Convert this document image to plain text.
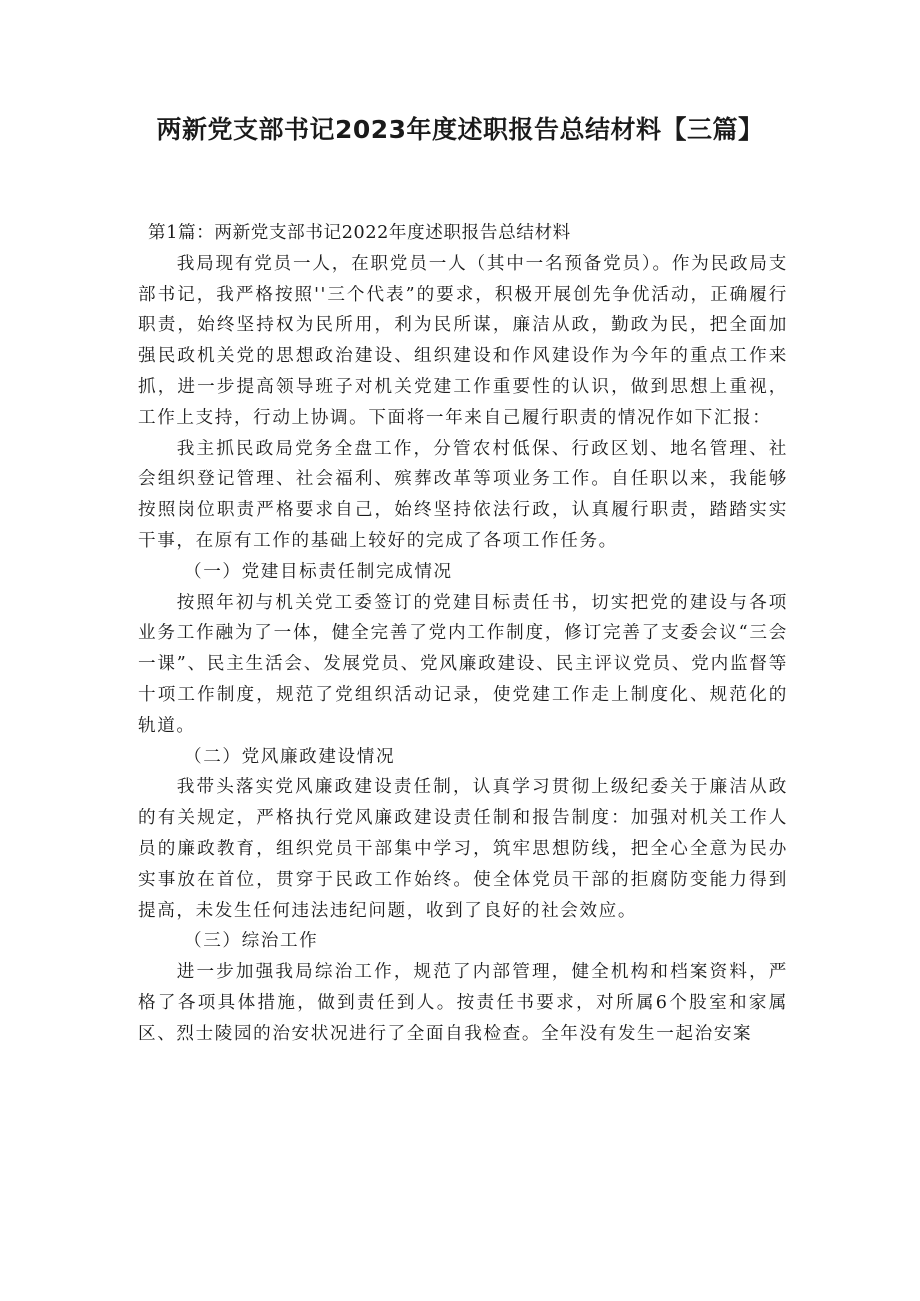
两新党支部书记2023年度述职报告总结材料【三篇】

第1篇：两新党支部书记2022年度述职报告总结材料

我局现有党员一人，在职党员一人（其中一名预备党员）。作为民政局支部书记，我严格按照''三个代表”的要求，积极开展创先争优活动，正确履行职责，始终坚持权为民所用，利为民所谋，廉洁从政，勤政为民，把全面加强民政机关党的思想政治建设、组织建设和作风建设作为今年的重点工作来抓，进一步提高领导班子对机关党建工作重要性的认识，做到思想上重视，工作上支持，行动上协调。下面将一年来自己履行职责的情况作如下汇报：

我主抓民政局党务全盘工作，分管农村低保、行政区划、地名管理、社会组织登记管理、社会福利、殡葬改革等项业务工作。自任职以来，我能够按照岗位职责严格要求自己，始终坚持依法行政，认真履行职责，踏踏实实干事，在原有工作的基础上较好的完成了各项工作任务。

（一）党建目标责任制完成情况

按照年初与机关党工委签订的党建目标责任书，切实把党的建设与各项业务工作融为了一体，健全完善了党内工作制度，修订完善了支委会议“三会一课”、民主生活会、发展党员、党风廉政建设、民主评议党员、党内监督等十项工作制度，规范了党组织活动记录，使党建工作走上制度化、规范化的轨道。

（二）党风廉政建设情况

我带头落实党风廉政建设责任制，认真学习贯彻上级纪委关于廉洁从政的有关规定，严格执行党风廉政建设责任制和报告制度：加强对机关工作人员的廉政教育，组织党员干部集中学习，筑牢思想防线，把全心全意为民办实事放在首位，贯穿于民政工作始终。使全体党员干部的拒腐防变能力得到提高，未发生任何违法违纪问题，收到了良好的社会效应。

（三）综治工作

进一步加强我局综治工作，规范了内部管理，健全机构和档案资料，严格了各项具体措施，做到责任到人。按责任书要求，对所属6个股室和家属区、烈士陵园的治安状况进行了全面自我检查。全年没有发生一起治安案
